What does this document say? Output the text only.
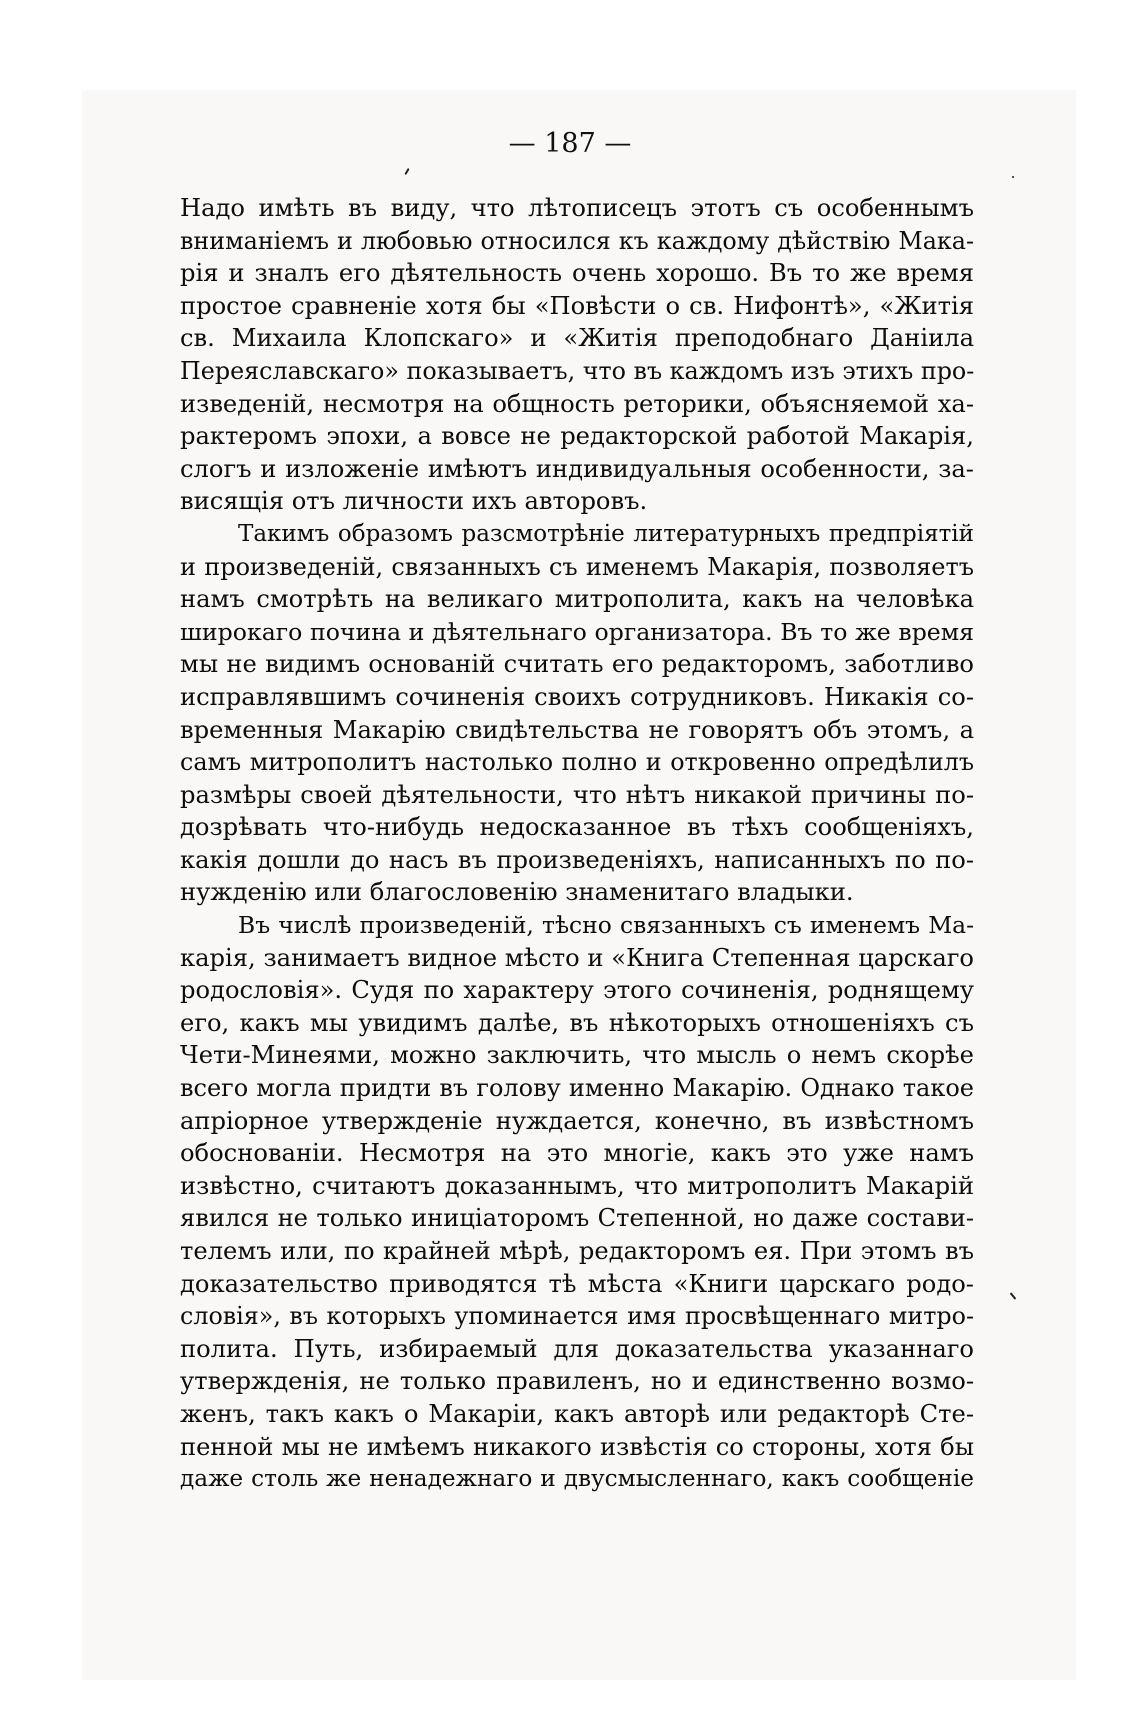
— 187 —

Надо имѣть въ виду, что лѣтописецъ этотъ съ особеннымъ

вниманіемъ и любовью относился къ каждому дѣйствію Мака-

рія и зналъ его дѣятельность очень хорошо. Въ то же время

простое сравненіе хотя бы «Повѣсти о св. Нифонтѣ», «Житія

св. Михаила Клопскаго» и «Житія преподобнаго Даніила

Переяславскаго» показываетъ, что въ каждомъ изъ этихъ про-

изведеній, несмотря на общность реторики, объясняемой ха-

рактеромъ эпохи, а вовсе не редакторской работой Макарія,

слогъ и изложеніе имѣютъ индивидуальныя особенности, за-

висящія отъ личности ихъ авторовъ.

Такимъ образомъ разсмотрѣніе литературныхъ предпріятій

и произведеній, связанныхъ съ именемъ Макарія, позволяетъ

намъ смотрѣть на великаго митрополита, какъ на человѣка

широкаго почина и дѣятельнаго организатора. Въ то же время

мы не видимъ основаній считать его редакторомъ, заботливо

исправлявшимъ сочиненія своихъ сотрудниковъ. Никакія со-

временныя Макарію свидѣтельства не говорятъ объ этомъ, а

самъ митрополитъ настолько полно и откровенно опредѣлилъ

размѣры своей дѣятельности, что нѣтъ никакой причины по-

дозрѣвать что-нибудь недосказанное въ тѣхъ сообщеніяхъ,

какія дошли до насъ въ произведеніяхъ, написанныхъ по по-

нужденію или благословенію знаменитаго владыки.

Въ числѣ произведеній, тѣсно связанныхъ съ именемъ Ма-

карія, занимаетъ видное мѣсто и «Книга Степенная царскаго

родословія». Судя по характеру этого сочиненія, роднящему

его, какъ мы увидимъ далѣе, въ нѣкоторыхъ отношеніяхъ съ

Чети-Минеями, можно заключить, что мысль о немъ скорѣе

всего могла придти въ голову именно Макарію. Однако такое

апріорное утвержденіе нуждается, конечно, въ извѣстномъ

обоснованіи. Несмотря на это многіе, какъ это уже намъ

извѣстно, считаютъ доказаннымъ, что митрополитъ Макарій

явился не только иниціаторомъ Степенной, но даже состави-

телемъ или, по крайней мѣрѣ, редакторомъ ея. При этомъ въ

доказательство приводятся тѣ мѣста «Книги царскаго родо-

словія», въ которыхъ упоминается имя просвѣщеннаго митро-

полита. Путь, избираемый для доказательства указаннаго

утвержденія, не только правиленъ, но и единственно возмо-

женъ, такъ какъ о Макаріи, какъ авторѣ или редакторѣ Сте-

пенной мы не имѣемъ никакого извѣстія со стороны, хотя бы

даже столь же ненадежнаго и двусмысленнаго, какъ сообщеніе
